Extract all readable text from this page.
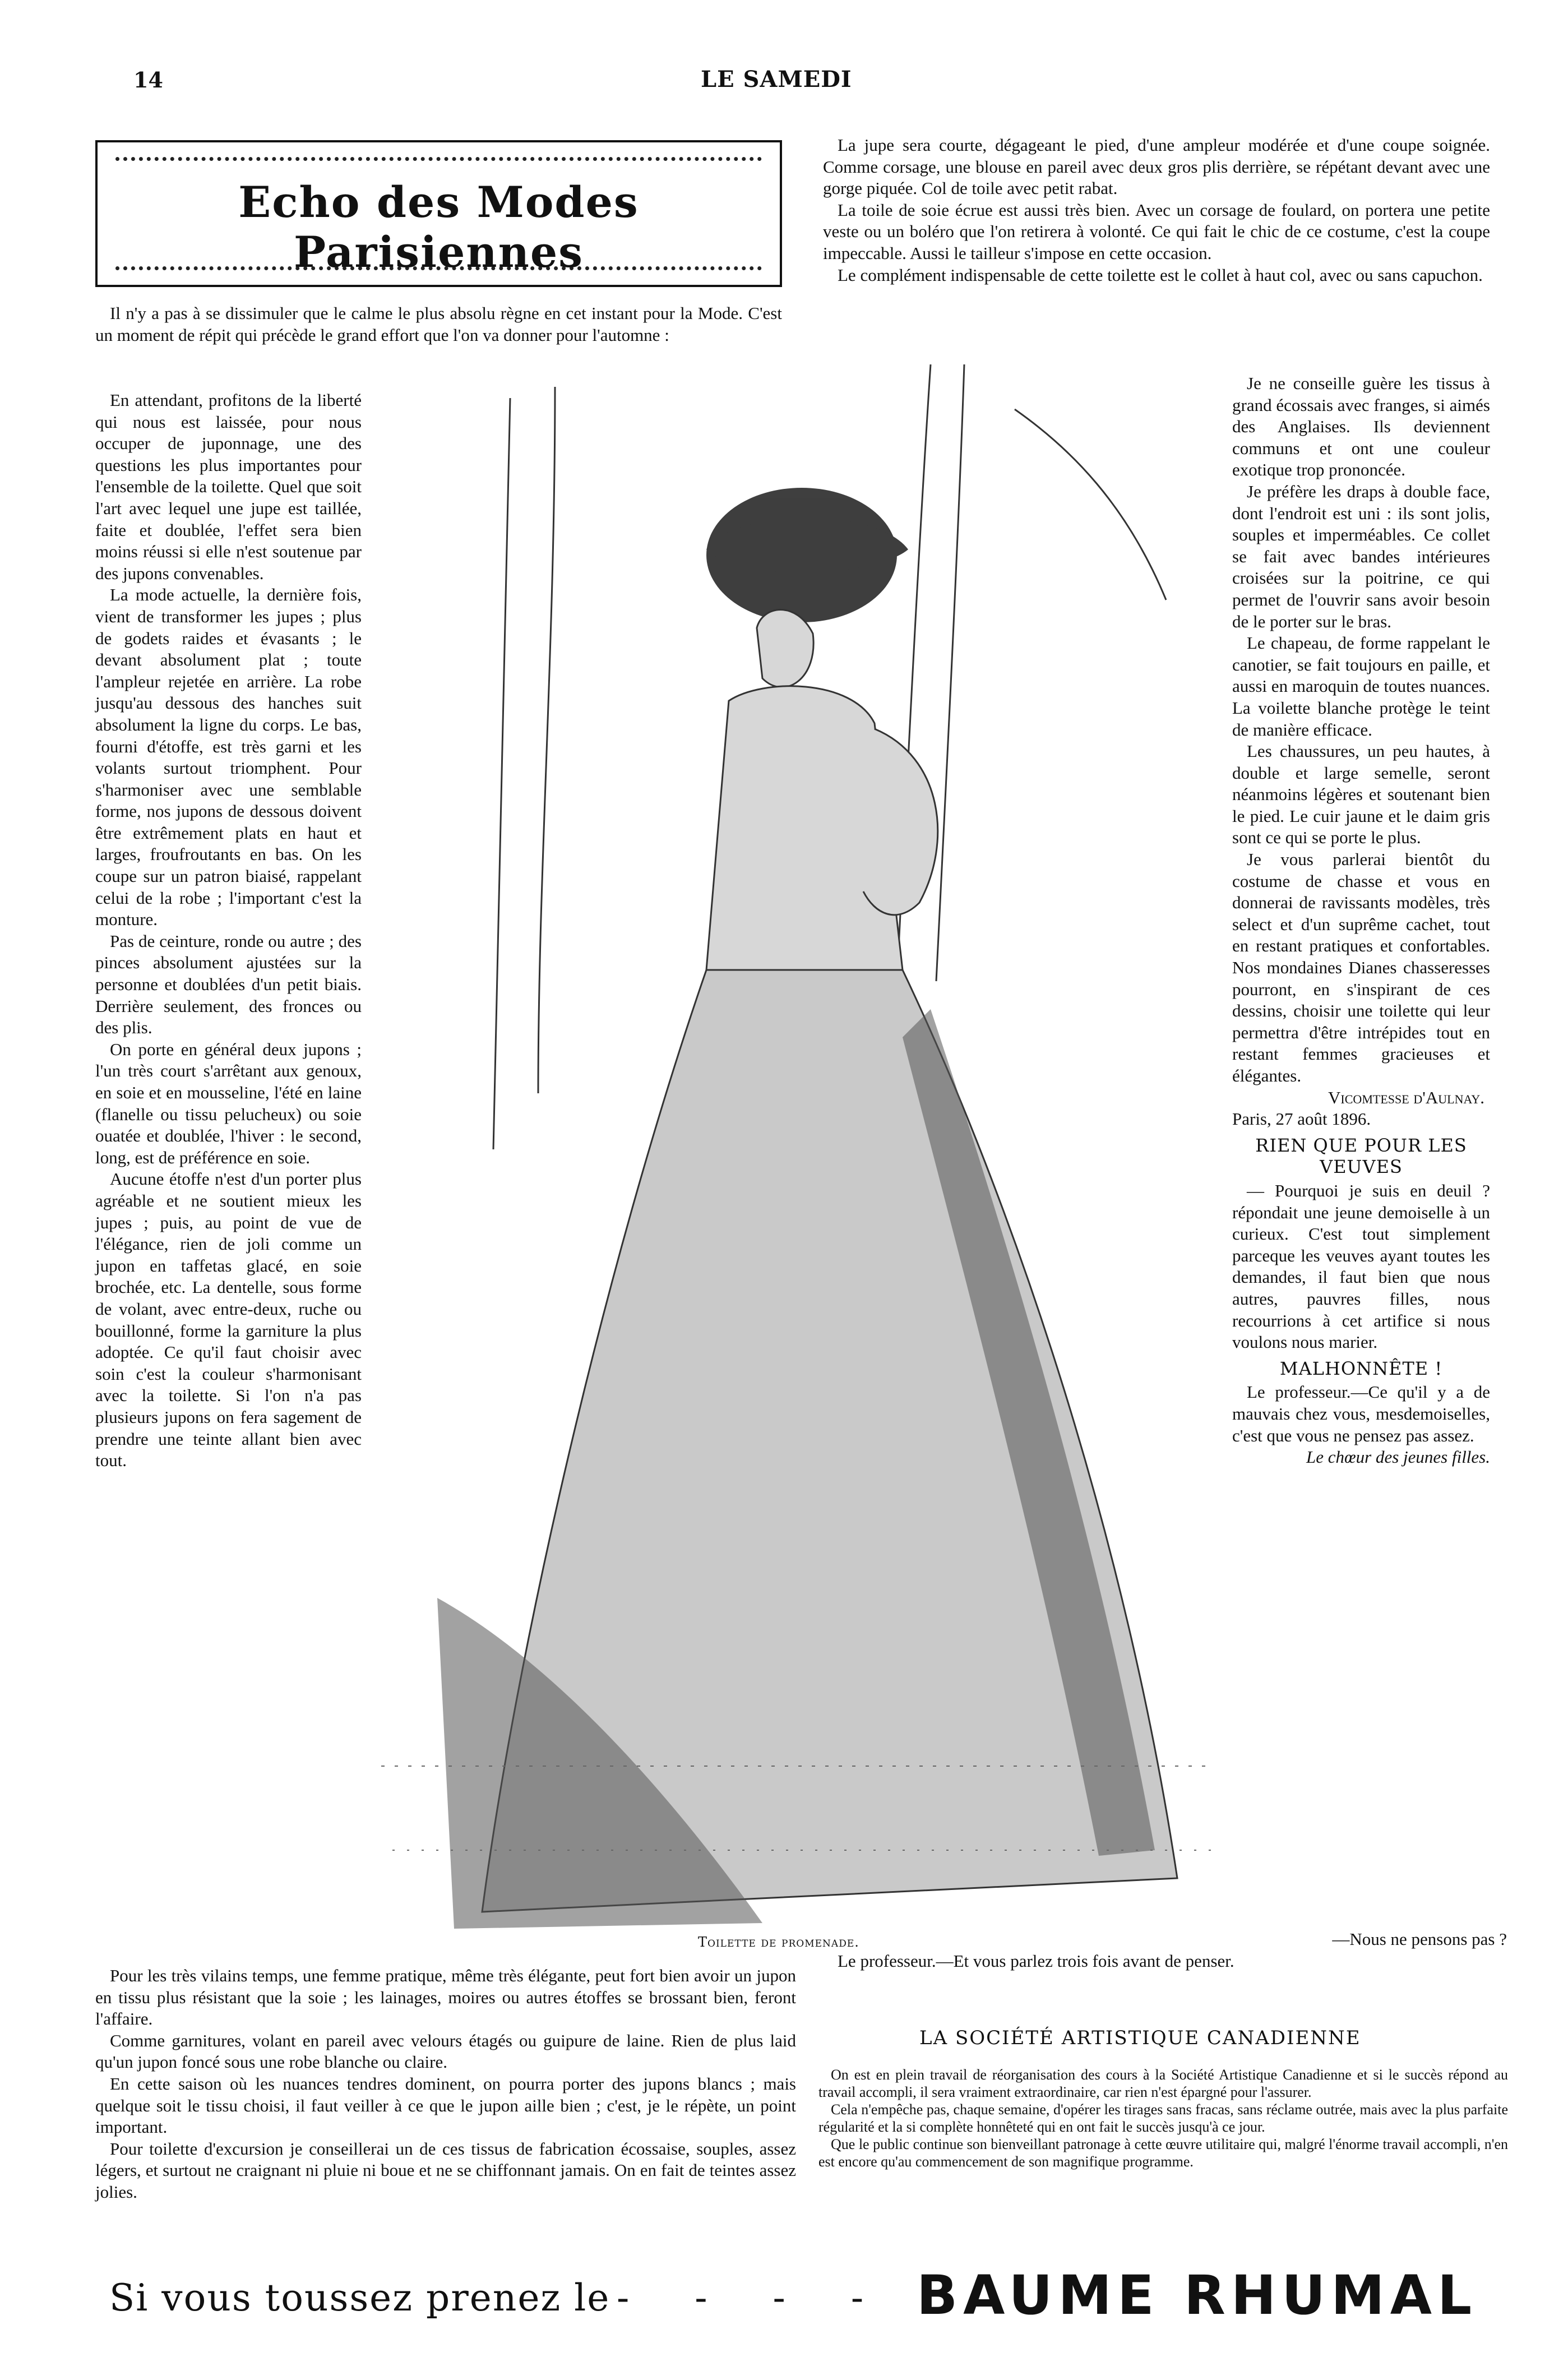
14	LE SAMEDI
Echo des Modes Parisiennes

Il n'y a pas à se dissimuler que le calme le plus absolu règne en cet instant pour la Mode. C'est un moment de répit qui précède le grand effort que l'on va donner pour l'automne :

En attendant, profitons de la liberté qui nous est laissée, pour nous occuper de juponnage, une des questions les plus importantes pour l'ensemble de la toilette. Quel que soit l'art avec lequel une jupe est taillée, faite et doublée, l'effet sera bien moins réussi si elle n'est soutenue par des jupons convenables.

La mode actuelle, la dernière fois, vient de transformer les jupes ; plus de godets raides et évasants ; le devant absolument plat ; toute l'ampleur rejetée en arrière. La robe jusqu'au dessous des hanches suit absolument la ligne du corps. Le bas, fourni d'étoffe, est très garni et les volants surtout triomphent. Pour s'harmoniser avec une semblable forme, nos jupons de dessous doivent être extrêmement plats en haut et larges, froufroutants en bas. On les coupe sur un patron biaisé, rappelant celui de la robe ; l'important c'est la monture.

Pas de ceinture, ronde ou autre ; des pinces absolument ajustées sur la personne et doublées d'un petit biais. Derrière seulement, des fronces ou des plis.

On porte en général deux jupons ; l'un très court s'arrêtant aux genoux, en soie et en mousseline, l'été en laine (flanelle ou tissu pelucheux) ou soie ouatée et doublée, l'hiver : le second, long, est de préférence en soie.

Aucune étoffe n'est d'un porter plus agréable et ne soutient mieux les jupes ; puis, au point de vue de l'élégance, rien de joli comme un jupon en taffetas glacé, en soie brochée, etc. La dentelle, sous forme de volant, avec entre-deux, ruche ou bouillonné, forme la garniture la plus adoptée. Ce qu'il faut choisir avec soin c'est la couleur s'harmonisant avec la toilette. Si l'on n'a pas plusieurs jupons on fera sagement de prendre une teinte allant bien avec tout.

Toilette de promenade.

Pour les très vilains temps, une femme pratique, même très élégante, peut fort bien avoir un jupon en tissu plus résistant que la soie ; les lainages, moires ou autres étoffes se brossant bien, feront l'affaire.

Comme garnitures, volant en pareil avec velours étagés ou guipure de laine. Rien de plus laid qu'un jupon foncé sous une robe blanche ou claire.

En cette saison où les nuances tendres dominent, on pourra porter des jupons blancs ; mais quelque soit le tissu choisi, il faut veiller à ce que le jupon aille bien ; c'est, je le répète, un point important.

Pour toilette d'excursion je conseillerai un de ces tissus de fabrication écossaise, souples, assez légers, et surtout ne craignant ni pluie ni boue et ne se chiffonnant jamais. On en fait de teintes assez jolies.

La jupe sera courte, dégageant le pied, d'une ampleur modérée et d'une coupe soignée. Comme corsage, une blouse en pareil avec deux gros plis derrière, se répétant devant avec une gorge piquée. Col de toile avec petit rabat.

La toile de soie écrue est aussi très bien. Avec un corsage de foulard, on portera une petite veste ou un boléro que l'on retirera à volonté. Ce qui fait le chic de ce costume, c'est la coupe impeccable. Aussi le tailleur s'impose en cette occasion.

Le complément indispensable de cette toilette est le collet à haut col, avec ou sans capuchon.

Je ne conseille guère les tissus à grand écossais avec franges, si aimés des Anglaises. Ils deviennent communs et ont une couleur exotique trop prononcée.

Je préfère les draps à double face, dont l'endroit est uni : ils sont jolis, souples et imperméables. Ce collet se fait avec bandes intérieures croisées sur la poitrine, ce qui permet de l'ouvrir sans avoir besoin de le porter sur le bras.

Le chapeau, de forme rappelant le canotier, se fait toujours en paille, et aussi en maroquin de toutes nuances. La voilette blanche protège le teint de manière efficace.

Les chaussures, un peu hautes, à double et large semelle, seront néanmoins légères et soutenant bien le pied. Le cuir jaune et le daim gris sont ce qui se porte le plus.

Je vous parlerai bientôt du costume de chasse et vous en donnerai de ravissants modèles, très select et d'un suprême cachet, tout en restant pratiques et confortables. Nos mondaines Dianes chasseresses pourront, en s'inspirant de ces dessins, choisir une toilette qui leur permettra d'être intrépides tout en restant femmes gracieuses et élégantes.

Vicomtesse d'Aulnay.

Paris, 27 août 1896.

RIEN QUE POUR LES VEUVES

— Pourquoi je suis en deuil ? répondait une jeune demoiselle à un curieux. C'est tout simplement parceque les veuves ayant toutes les demandes, il faut bien que nous autres, pauvres filles, nous recourrions à cet artifice si nous voulons nous marier.

MALHONNÊTE !

Le professeur.—Ce qu'il y a de mauvais chez vous, mesdemoiselles, c'est que vous ne pensez pas assez.

Le chœur des jeunes filles.

—Nous ne pensons pas ?

Le professeur.—Et vous parlez trois fois avant de penser.

LA SOCIÉTÉ ARTISTIQUE CANADIENNE

On est en plein travail de réorganisation des cours à la Société Artistique Canadienne et si le succès répond au travail accompli, il sera vraiment extraordinaire, car rien n'est épargné pour l'assurer.

Cela n'empêche pas, chaque semaine, d'opérer les tirages sans fracas, sans réclame outrée, mais avec la plus parfaite régularité et la si complète honnêteté qui en ont fait le succès jusqu'à ce jour.

Que le public continue son bienveillant patronage à cette œuvre utilitaire qui, malgré l'énorme travail accompli, n'en est encore qu'au commencement de son magnifique programme.

Si vous toussez prenez le - - - - BAUME RHUMAL
